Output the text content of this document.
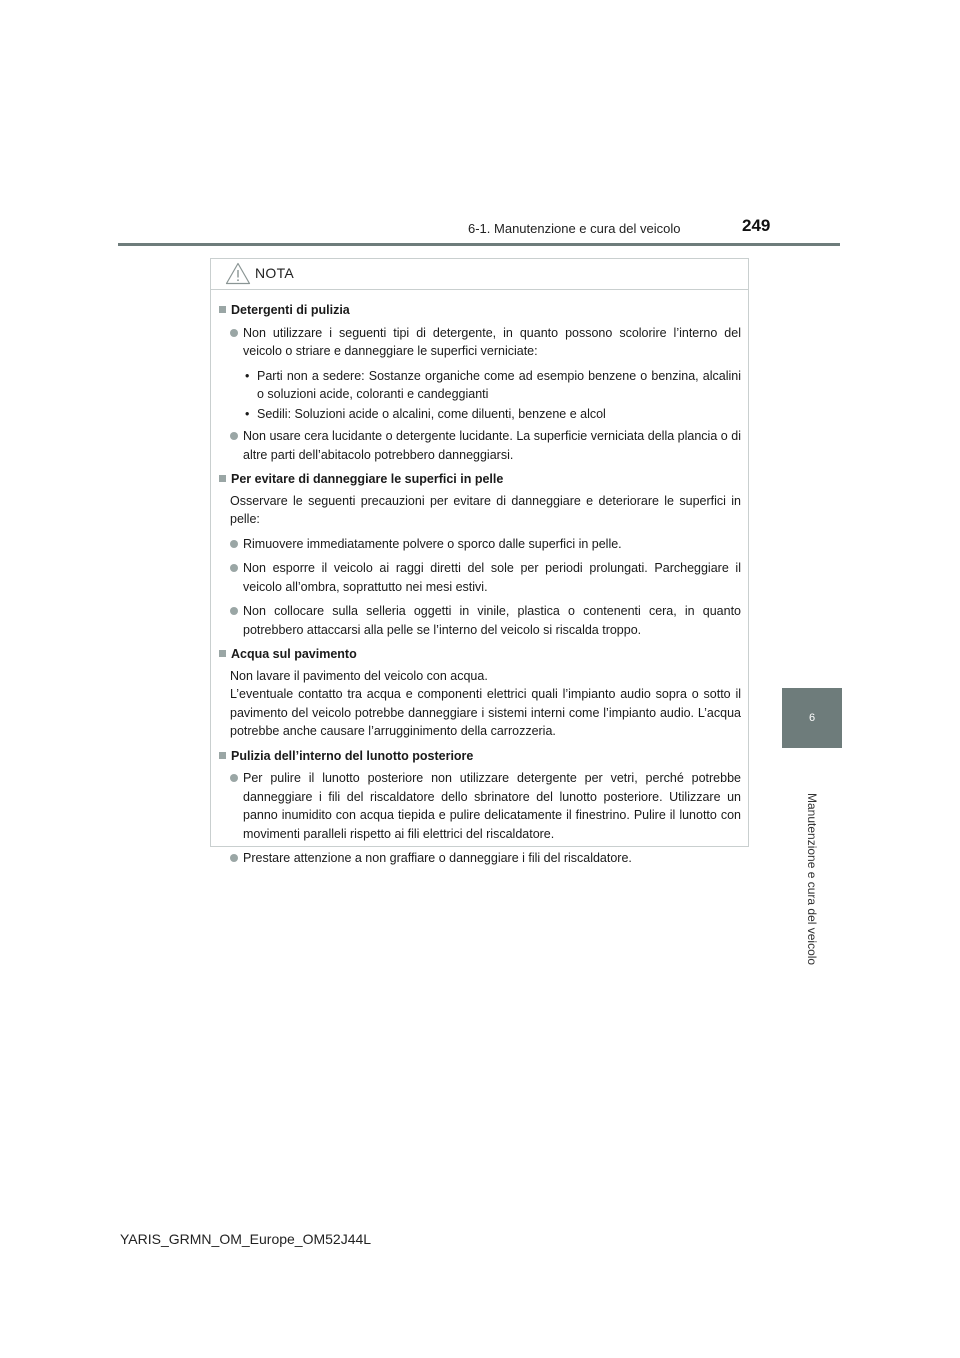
6-1. Manutenzione e cura del veicolo	249
6
Manutenzione e cura del veicolo
NOTA
Detergenti di pulizia
Non utilizzare i seguenti tipi di detergente, in quanto possono scolorire l’interno del veicolo o striare e danneggiare le superfici verniciate:
• Parti non a sedere: Sostanze organiche come ad esempio benzene o benzina, alcalini o soluzioni acide, coloranti e candeggianti
• Sedili: Soluzioni acide o alcalini, come diluenti, benzene e alcol
Non usare cera lucidante o detergente lucidante. La superficie verniciata della plancia o di altre parti dell’abitacolo potrebbero danneggiarsi.
Per evitare di danneggiare le superfici in pelle
Osservare le seguenti precauzioni per evitare di danneggiare e deteriorare le superfici in pelle:
Rimuovere immediatamente polvere o sporco dalle superfici in pelle.
Non esporre il veicolo ai raggi diretti del sole per periodi prolungati. Parcheggiare il veicolo all’ombra, soprattutto nei mesi estivi.
Non collocare sulla selleria oggetti in vinile, plastica o contenenti cera, in quanto potrebbero attaccarsi alla pelle se l’interno del veicolo si riscalda troppo.
Acqua sul pavimento
Non lavare il pavimento del veicolo con acqua.
L’eventuale contatto tra acqua e componenti elettrici quali l’impianto audio sopra o sotto il pavimento del veicolo potrebbe danneggiare i sistemi interni come l’impianto audio. L’acqua potrebbe anche causare l’arrugginimento della carrozzeria.
Pulizia dell’interno del lunotto posteriore
Per pulire il lunotto posteriore non utilizzare detergente per vetri, perché potrebbe danneggiare i fili del riscaldatore dello sbrinatore del lunotto posteriore. Utilizzare un panno inumidito con acqua tiepida e pulire delicatamente il finestrino. Pulire il lunotto con movimenti paralleli rispetto ai fili elettrici del riscaldatore.
Prestare attenzione a non graffiare o danneggiare i fili del riscaldatore.
YARIS_GRMN_OM_Europe_OM52J44L
